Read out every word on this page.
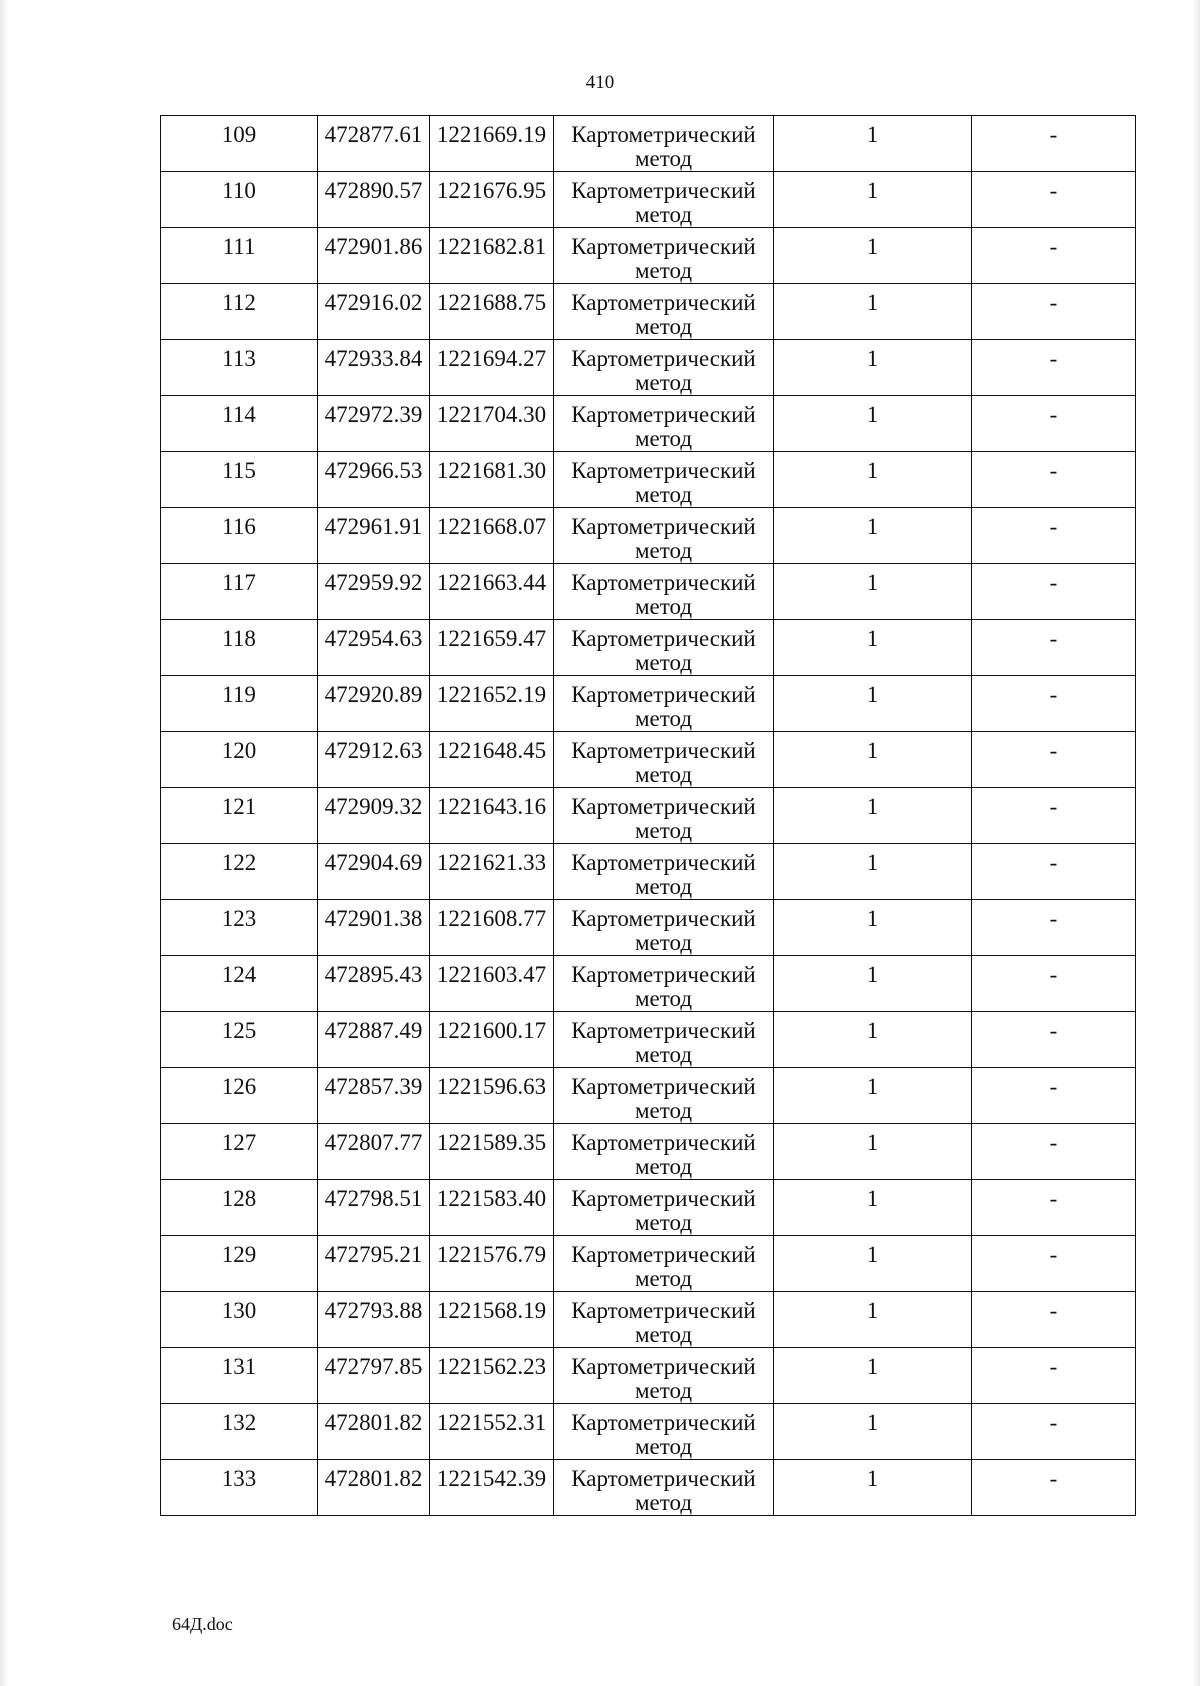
410
109	472877.61	1221669.19	Картометрический метод	1	-

110	472890.57	1221676.95	Картометрический метод	1	-

111	472901.86	1221682.81	Картометрический метод	1	-

112	472916.02	1221688.75	Картометрический метод	1	-

113	472933.84	1221694.27	Картометрический метод	1	-

114	472972.39	1221704.30	Картометрический метод	1	-

115	472966.53	1221681.30	Картометрический метод	1	-

116	472961.91	1221668.07	Картометрический метод	1	-

117	472959.92	1221663.44	Картометрический метод	1	-

118	472954.63	1221659.47	Картометрический метод	1	-

119	472920.89	1221652.19	Картометрический метод	1	-

120	472912.63	1221648.45	Картометрический метод	1	-

121	472909.32	1221643.16	Картометрический метод	1	-

122	472904.69	1221621.33	Картометрический метод	1	-

123	472901.38	1221608.77	Картометрический метод	1	-

124	472895.43	1221603.47	Картометрический метод	1	-

125	472887.49	1221600.17	Картометрический метод	1	-

126	472857.39	1221596.63	Картометрический метод	1	-

127	472807.77	1221589.35	Картометрический метод	1	-

128	472798.51	1221583.40	Картометрический метод	1	-

129	472795.21	1221576.79	Картометрический метод	1	-

130	472793.88	1221568.19	Картометрический метод	1	-

131	472797.85	1221562.23	Картометрический метод	1	-

132	472801.82	1221552.31	Картометрический метод	1	-

133	472801.82	1221542.39	Картометрический метод	1	-
64Д.doc
